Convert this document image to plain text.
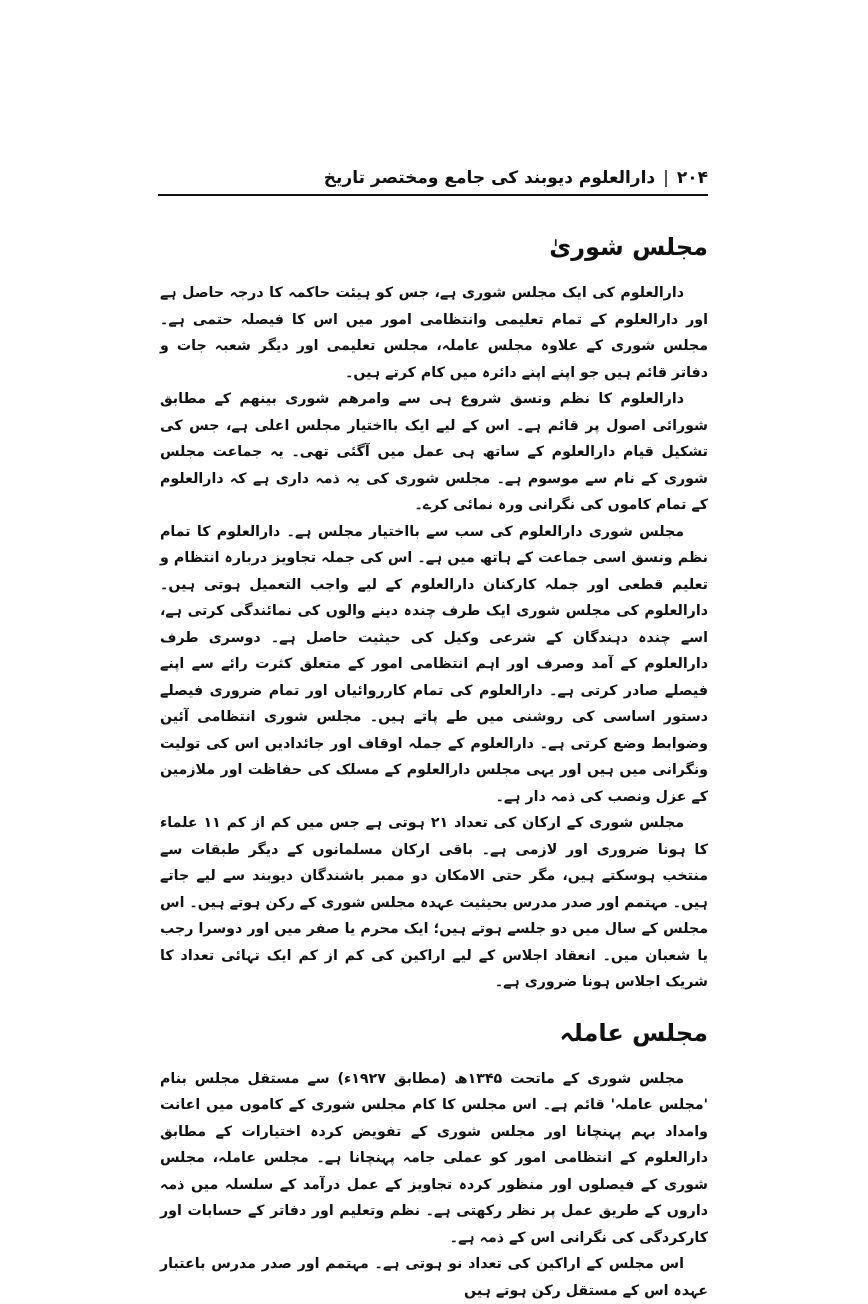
۲۰۴
|
دارالعلوم دیوبند کی جامع ومختصر تاریخ
مجلس شوریٰ

دارالعلوم کی ایک مجلس شوری ہے، جس کو ہیئت حاکمہ کا درجہ حاصل ہے اور دارالعلوم کے تمام تعلیمی وانتظامی امور میں اس کا فیصلہ حتمی ہے۔ مجلس شوری کے علاوہ مجلس عاملہ، مجلس تعلیمی اور دیگر شعبہ جات و دفاتر قائم ہیں جو اپنے اپنے دائرہ میں کام کرتے ہیں۔

دارالعلوم کا نظم ونسق شروع ہی سے وامرھم شوری بینھم کے مطابق شورائی اصول پر قائم ہے۔ اس کے لیے ایک بااختیار مجلس اعلی ہے، جس کی تشکیل قیام دارالعلوم کے ساتھ ہی عمل میں آگئی تھی۔ یہ جماعت مجلس شوری کے نام سے موسوم ہے۔ مجلس شوری کی یہ ذمہ داری ہے کہ دارالعلوم کے تمام کاموں کی نگرانی ورہ نمائی کرے۔

مجلس شوری دارالعلوم کی سب سے بااختیار مجلس ہے۔ دارالعلوم کا تمام نظم ونسق اسی جماعت کے ہاتھ میں ہے۔ اس کی جملہ تجاویز دربارہ انتظام و تعلیم قطعی اور جملہ کارکنان دارالعلوم کے لیے واجب التعمیل ہوتی ہیں۔ دارالعلوم کی مجلس شوری ایک طرف چندہ دینے والوں کی نمائندگی کرتی ہے، اسے چندہ دہندگان کے شرعی وکیل کی حیثیت حاصل ہے۔ دوسری طرف دارالعلوم کے آمد وصرف اور اہم انتظامی امور کے متعلق کثرت رائے سے اپنے فیصلے صادر کرتی ہے۔ دارالعلوم کی تمام کارروائیاں اور تمام ضروری فیصلے دستور اساسی کی روشنی میں طے پاتے ہیں۔ مجلس شوری انتظامی آئین وضوابط وضع کرتی ہے۔ دارالعلوم کے جملہ اوقاف اور جائدادیں اس کی تولیت ونگرانی میں ہیں اور یہی مجلس دارالعلوم کے مسلک کی حفاظت اور ملازمین کے عزل ونصب کی ذمہ دار ہے۔

مجلس شوری کے ارکان کی تعداد ۲۱ ہوتی ہے جس میں کم از کم ۱۱ علماء کا ہونا ضروری اور لازمی ہے۔ باقی ارکان مسلمانوں کے دیگر طبقات سے منتخب ہوسکتے ہیں، مگر حتی الامکان دو ممبر باشندگان دیوبند سے لیے جاتے ہیں۔ مہتمم اور صدر مدرس بحیثیت عہدہ مجلس شوری کے رکن ہوتے ہیں۔ اس مجلس کے سال میں دو جلسے ہوتے ہیں؛ ایک محرم یا صفر میں اور دوسرا رجب یا شعبان میں۔ انعقاد اجلاس کے لیے اراکین کی کم از کم ایک تہائی تعداد کا شریک اجلاس ہونا ضروری ہے۔

مجلس عاملہ

مجلس شوری کے ماتحت ۱۳۴۵ھ (مطابق ۱۹۲۷ء) سے مستقل مجلس بنام 'مجلس عاملہ' قائم ہے۔ اس مجلس کا کام مجلس شوری کے کاموں میں اعانت وامداد بہم پہنچانا اور مجلس شوری کے تفویض کردہ اختیارات کے مطابق دارالعلوم کے انتظامی امور کو عملی جامہ پہنچانا ہے۔ مجلس عاملہ، مجلس شوری کے فیصلوں اور منظور کردہ تجاویز کے عمل درآمد کے سلسلہ میں ذمہ داروں کے طریق عمل پر نظر رکھتی ہے۔ نظم وتعلیم اور دفاتر کے حسابات اور کارکردگی کی نگرانی اس کے ذمہ ہے۔

اس مجلس کے اراکین کی تعداد نو ہوتی ہے۔ مہتمم اور صدر مدرس باعتبار عہدہ اس کے مستقل رکن ہوتے ہیں
